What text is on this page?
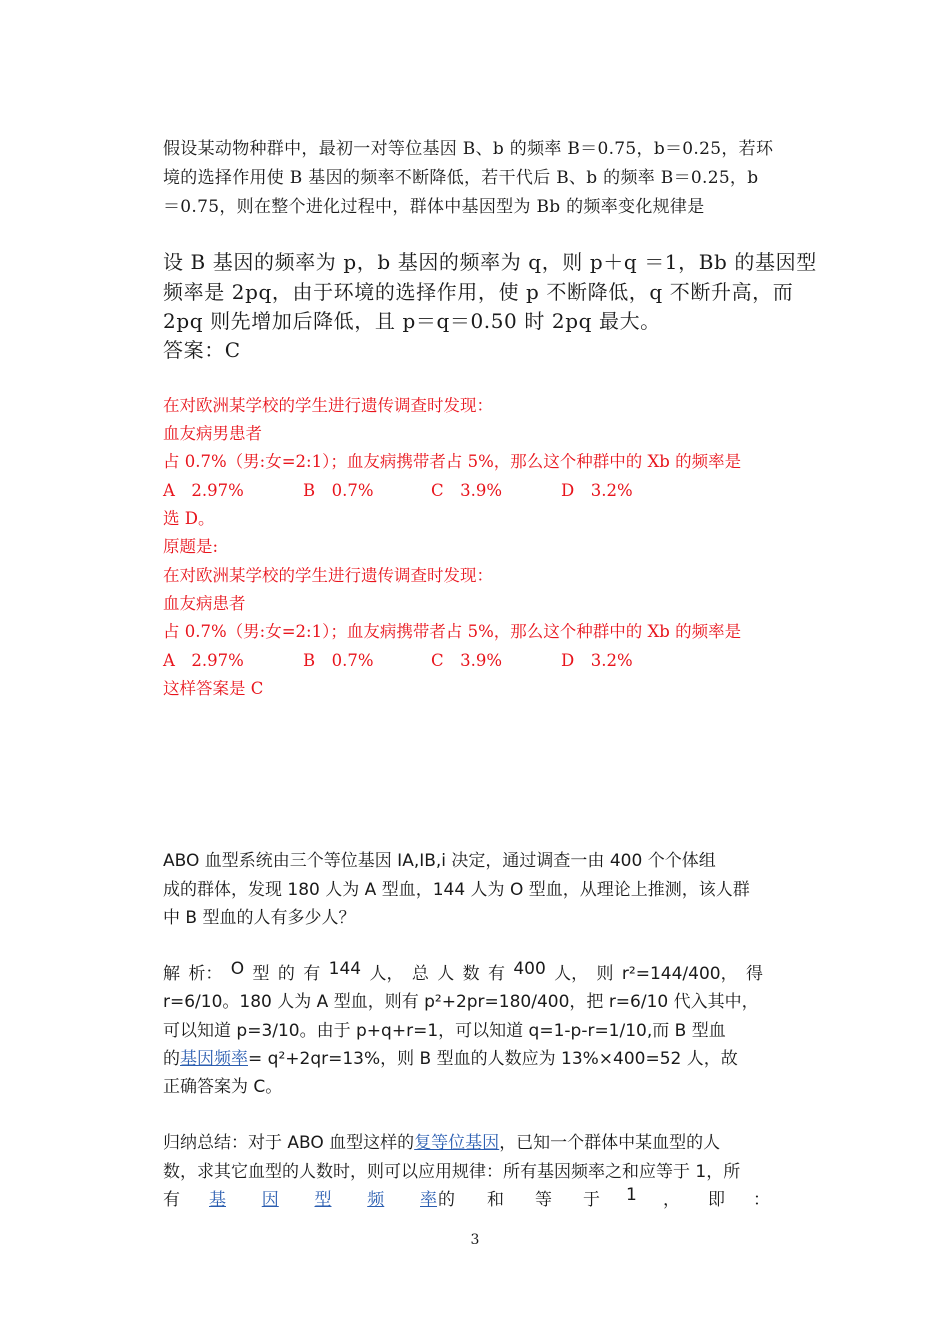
假设某动物种群中，最初一对等位基因 B、b 的频率 B＝0.75，b＝0.25，若环
境的选择作用使 B 基因的频率不断降低，若干代后 B、b 的频率 B＝0.25，b
＝0.75，则在整个进化过程中，群体中基因型为 Bb 的频率变化规律是
设 B 基因的频率为 p，b 基因的频率为 q，则 p＋q ＝1，Bb 的基因型
频率是 2pq，由于环境的选择作用，使 p 不断降低，q 不断升高，而
2pq 则先增加后降低，且 p＝q＝0.50 时 2pq 最大。
答案：C
在对欧洲某学校的学生进行遗传调查时发现：
血友病男患者
占 0.7%（男:女=2:1）；血友病携带者占 5%，那么这个种群中的 Xb 的频率是
A　2.97%	B　0.7%	C　3.9%	D　3.2%
选 D。
原题是:
在对欧洲某学校的学生进行遗传调查时发现：
血友病患者
占 0.7%（男:女=2:1）；血友病携带者占 5%，那么这个种群中的 Xb 的频率是
A　2.97%	B　0.7%	C　3.9%	D　3.2%
这样答案是 C
ABO 血型系统由三个等位基因 IA,IB,i 决定，通过调查一由 400 个个体组
成的群体，发现 180 人为 A 型血，144 人为 O 型血，从理论上推测，该人群
中 B 型血的人有多少人？
解 析： O 型 的 有 144 人， 总 人 数 有 400 人， 则 r²=144/400， 得
r=6/10。180 人为 A 型血，则有 p²+2pr=180/400，把 r=6/10 代入其中，
可以知道 p=3/10。由于 p+q+r=1，可以知道 q=1-p-r=1/10,而 B 型血
的基因频率= q²+2qr=13%，则 B 型血的人数应为 13%×400=52 人，故
正确答案为 C。
归纳总结：对于 ABO 血型这样的复等位基因，已知一个群体中某血型的人
数，求其它血型的人数时，则可以应用规律：所有基因频率之和应等于 1，所
有 基 因 型 频 率 的 和 等 于 1 ， 即 ：
3
